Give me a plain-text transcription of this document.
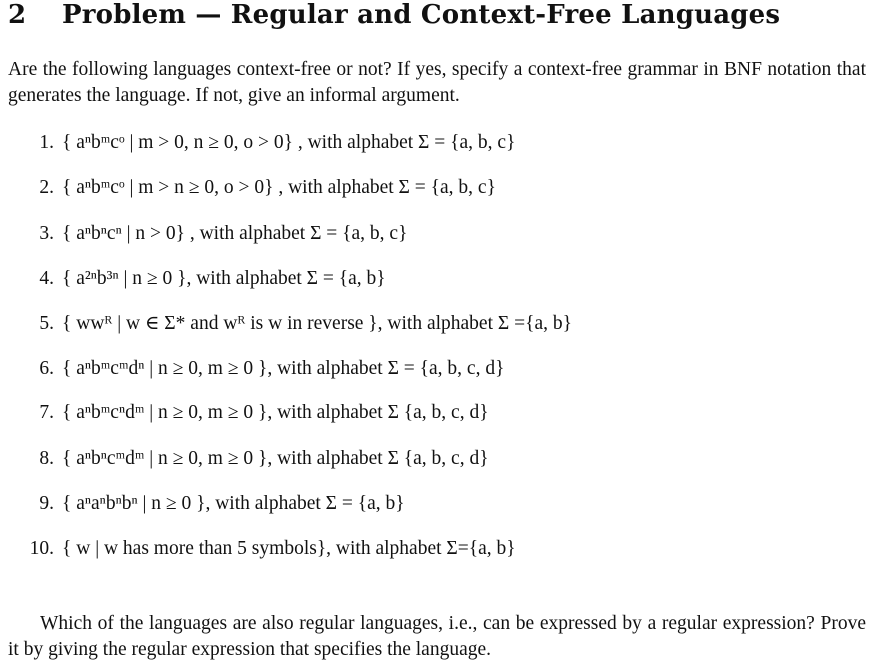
2 Problem — Regular and Context-Free Languages
Are the following languages context-free or not? If yes, specify a context-free grammar in BNF notation that generates the language. If not, give an informal argument.
1. { aⁿbᵐcᵒ | m > 0, n ≥ 0, o > 0} , with alphabet Σ = {a, b, c}
2. { aⁿbᵐcᵒ | m > n ≥ 0, o > 0} , with alphabet Σ = {a, b, c}
3. { aⁿbⁿcⁿ | n > 0} , with alphabet Σ = {a, b, c}
4. { a²ⁿb³ⁿ | n ≥ 0 }, with alphabet Σ = {a, b}
5. { wwᴿ | w ∈ Σ* and wᴿ is w in reverse }, with alphabet Σ ={a, b}
6. { aⁿbᵐcᵐdⁿ | n ≥ 0, m ≥ 0 }, with alphabet Σ = {a, b, c, d}
7. { aⁿbᵐcⁿdᵐ | n ≥ 0, m ≥ 0 }, with alphabet Σ {a, b, c, d}
8. { aⁿbⁿcᵐdᵐ | n ≥ 0, m ≥ 0 }, with alphabet Σ {a, b, c, d}
9. { aⁿaⁿbⁿbⁿ | n ≥ 0 }, with alphabet Σ = {a, b}
10. { w | w has more than 5 symbols}, with alphabet Σ={a, b}
Which of the languages are also regular languages, i.e., can be expressed by a regular expression? Prove it by giving the regular expression that specifies the language.
